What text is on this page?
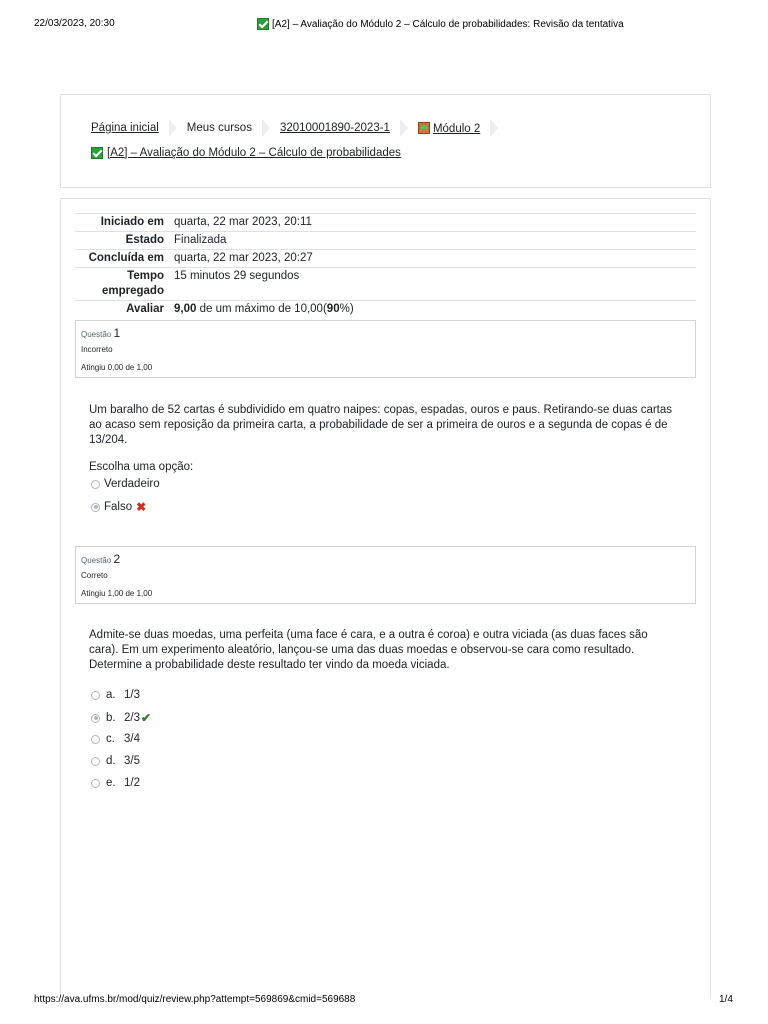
22/03/2023, 20:30	[A2] – Avaliação do Módulo 2 – Cálculo de probabilidades: Revisão da tentativa
Página inicial Meus cursos 32010001890-2023-1	Módulo 2
[A2] – Avaliação do Módulo 2 – Cálculo de probabilidades
Iniciado em quarta, 22 mar 2023, 20:11
Estado Finalizada
Concluída em quarta, 22 mar 2023, 20:27
Tempo empregado
15 minutos 29 segundos
Avaliar 9,00 de um máximo de 10,00(90%)
Questão 1
Incorreto
Atingiu 0,00 de 1,00
Um baralho de 52 cartas é subdividido em quatro naipes: copas, espadas, ouros e paus. Retirando-se duas cartas ao acaso sem reposição da primeira carta, a probabilidade de ser a primeira de ouros e a segunda de copas é de 13/204.
Escolha uma opção:
Verdadeiro
Falso ✖
Questão 2
Correto
Atingiu 1,00 de 1,00
Admite-se duas moedas, uma perfeita (uma face é cara, e a outra é coroa) e outra viciada (as duas faces são cara). Em um experimento aleatório, lançou-se uma das duas moedas e observou-se cara como resultado. Determine a probabilidade deste resultado ter vindo da moeda viciada.
a. 1/3
b. 2/3 ✔
c. 3/4
d. 3/5
e. 1/2
https://ava.ufms.br/mod/quiz/review.php?attempt=569869&cmid=569688	1/4
